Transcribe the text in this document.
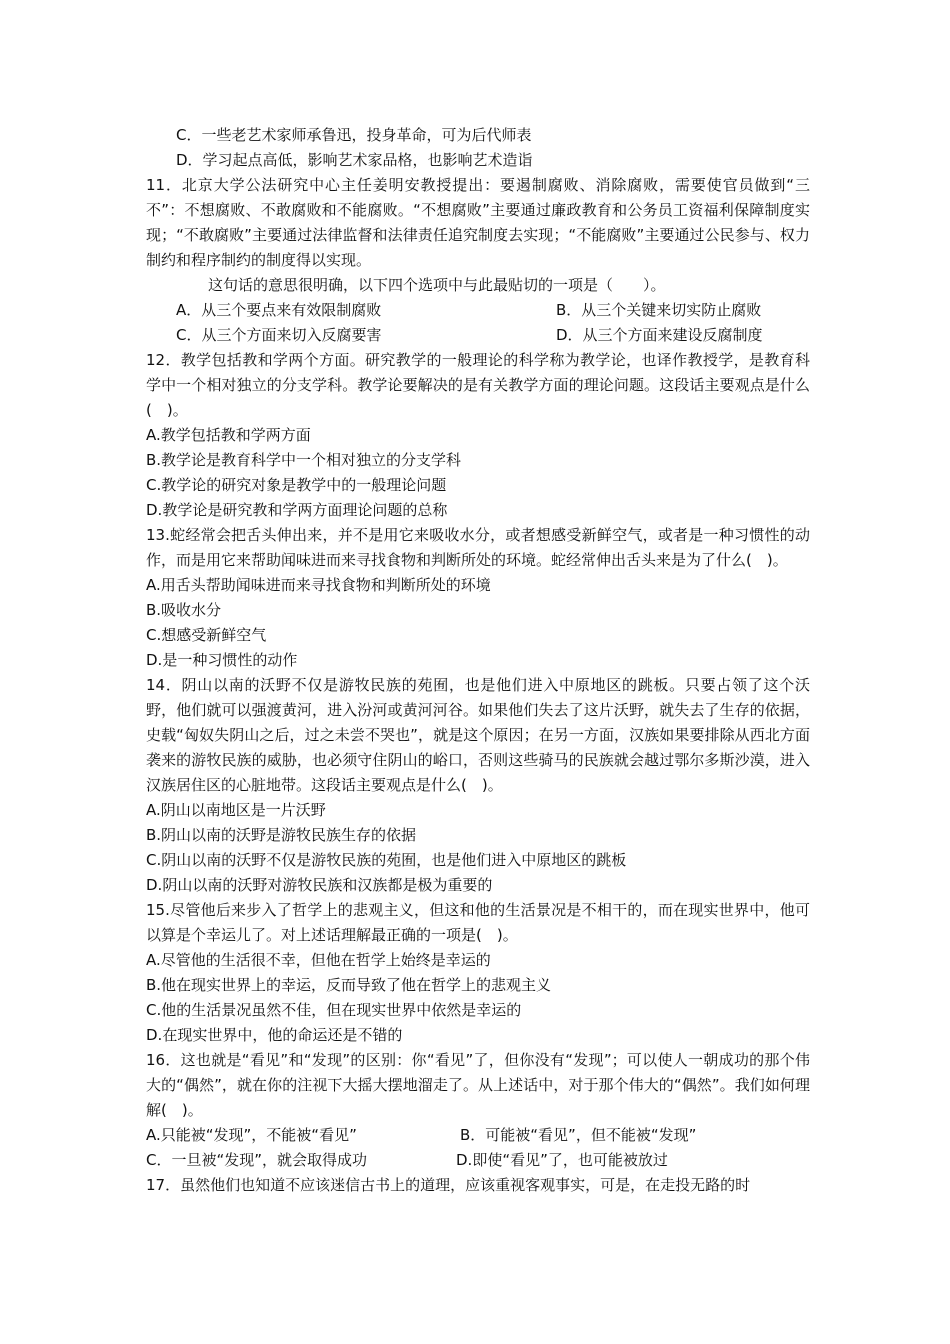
C．一些老艺术家师承鲁迅，投身革命，可为后代师表
D．学习起点高低，影响艺术家品格，也影响艺术造诣
11．北京大学公法研究中心主任姜明安教授提出：要遏制腐败、消除腐败，需要使官员做到“三不”：不想腐败、不敢腐败和不能腐败。“不想腐败”主要通过廉政教育和公务员工资福利保障制度实现；“不敢腐败”主要通过法律监督和法律责任追究制度去实现；“不能腐败”主要通过公民参与、权力制约和程序制约的制度得以实现。
这句话的意思很明确，以下四个选项中与此最贴切的一项是（　　）。
A．从三个要点来有效限制腐败	B．从三个关键来切实防止腐败
C．从三个方面来切入反腐要害	D．从三个方面来建设反腐制度
12．教学包括教和学两个方面。研究教学的一般理论的科学称为教学论，也译作教授学，是教育科学中一个相对独立的分支学科。教学论要解决的是有关教学方面的理论问题。这段话主要观点是什么(　)。
A.教学包括教和学两方面
B.教学论是教育科学中一个相对独立的分支学科
C.教学论的研究对象是教学中的一般理论问题
D.教学论是研究教和学两方面理论问题的总称
13.蛇经常会把舌头伸出来，并不是用它来吸收水分，或者想感受新鲜空气，或者是一种习惯性的动作，而是用它来帮助闻味进而来寻找食物和判断所处的环境。蛇经常伸出舌头来是为了什么(　)。
A.用舌头帮助闻味进而来寻找食物和判断所处的环境
B.吸收水分
C.想感受新鲜空气
D.是一种习惯性的动作
14．阴山以南的沃野不仅是游牧民族的苑囿，也是他们进入中原地区的跳板。只要占领了这个沃野，他们就可以强渡黄河，进入汾河或黄河河谷。如果他们失去了这片沃野，就失去了生存的依据，史载“匈奴失阴山之后，过之未尝不哭也”，就是这个原因；在另一方面，汉族如果要排除从西北方面袭来的游牧民族的威胁，也必须守住阴山的峪口，否则这些骑马的民族就会越过鄂尔多斯沙漠，进入汉族居住区的心脏地带。这段话主要观点是什么(　)。
A.阴山以南地区是一片沃野
B.阴山以南的沃野是游牧民族生存的依据
C.阴山以南的沃野不仅是游牧民族的苑囿，也是他们进入中原地区的跳板
D.阴山以南的沃野对游牧民族和汉族都是极为重要的
15.尽管他后来步入了哲学上的悲观主义，但这和他的生活景况是不相干的，而在现实世界中，他可以算是个幸运儿了。对上述话理解最正确的一项是(　)。
A.尽管他的生活很不幸，但他在哲学上始终是幸运的
B.他在现实世界上的幸运，反而导致了他在哲学上的悲观主义
C.他的生活景况虽然不佳，但在现实世界中依然是幸运的
D.在现实世界中，他的命运还是不错的
16．这也就是“看见”和“发现”的区别：你“看见”了，但你没有“发现”；可以使人一朝成功的那个伟大的“偶然”，就在你的注视下大摇大摆地溜走了。从上述话中，对于那个伟大的“偶然”。我们如何理解(　)。
A.只能被“发现”，不能被“看见”	B．可能被“看见”，但不能被“发现”
C．一旦被“发现”，就会取得成功	D.即使“看见”了，也可能被放过
17．虽然他们也知道不应该迷信古书上的道理，应该重视客观事实，可是，在走投无路的时
